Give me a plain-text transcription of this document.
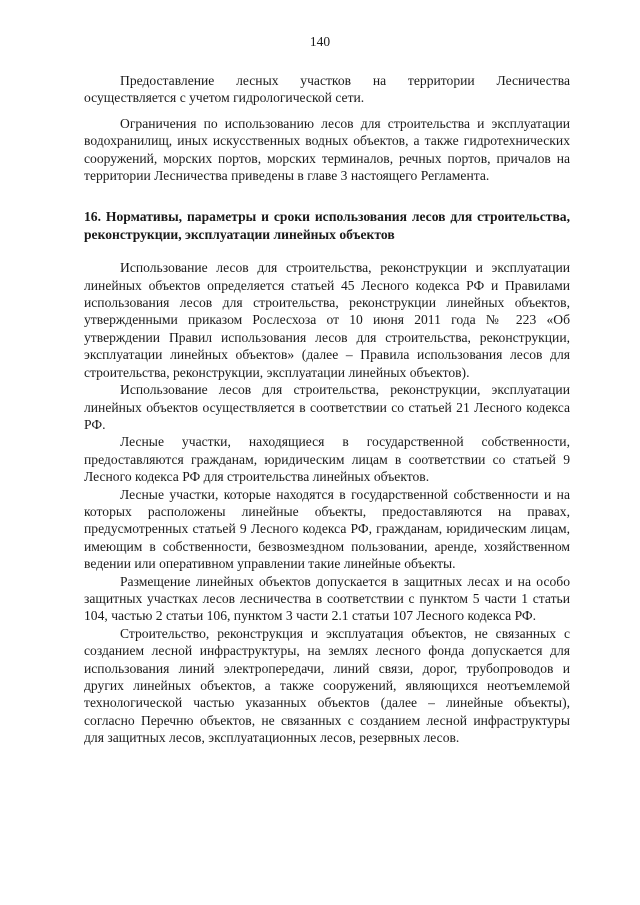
140

Предоставление лесных участков на территории Лесничества осуществляется с учетом гидрологической сети.

Ограничения по использованию лесов для строительства и эксплуатации водохранилищ, иных искусственных водных объектов, а также гидротехнических сооружений, морских портов, морских терминалов, речных портов, причалов на территории Лесничества приведены в главе 3 настоящего Регламента.

16. Нормативы, параметры и сроки использования лесов для строительства, реконструкции, эксплуатации линейных объектов

Использование лесов для строительства, реконструкции и эксплуатации линейных объектов определяется статьей 45 Лесного кодекса РФ и Правилами использования лесов для строительства, реконструкции линейных объектов, утвержденными приказом Рослесхоза от 10 июня 2011 года № 223 «Об утверждении Правил использования лесов для строительства, реконструкции, эксплуатации линейных объектов» (далее – Правила использования лесов для строительства, реконструкции, эксплуатации линейных объектов).

Использование лесов для строительства, реконструкции, эксплуатации линейных объектов осуществляется в соответствии со статьей 21 Лесного кодекса РФ.

Лесные участки, находящиеся в государственной собственности, предоставляются гражданам, юридическим лицам в соответствии со статьей 9 Лесного кодекса РФ для строительства линейных объектов.

Лесные участки, которые находятся в государственной собственности и на которых расположены линейные объекты, предоставляются на правах, предусмотренных статьей 9 Лесного кодекса РФ, гражданам, юридическим лицам, имеющим в собственности, безвозмездном пользовании, аренде, хозяйственном ведении или оперативном управлении такие линейные объекты.

Размещение линейных объектов допускается в защитных лесах и на особо защитных участках лесов лесничества в соответствии с пунктом 5 части 1 статьи 104, частью 2 статьи 106, пунктом 3 части 2.1 статьи 107 Лесного кодекса РФ.

Строительство, реконструкция и эксплуатация объектов, не связанных с созданием лесной инфраструктуры, на землях лесного фонда допускается для использования линий электропередачи, линий связи, дорог, трубопроводов и других линейных объектов, а также сооружений, являющихся неотъемлемой технологической частью указанных объектов (далее – линейные объекты), согласно Перечню объектов, не связанных с созданием лесной инфраструктуры для защитных лесов, эксплуатационных лесов, резервных лесов.
